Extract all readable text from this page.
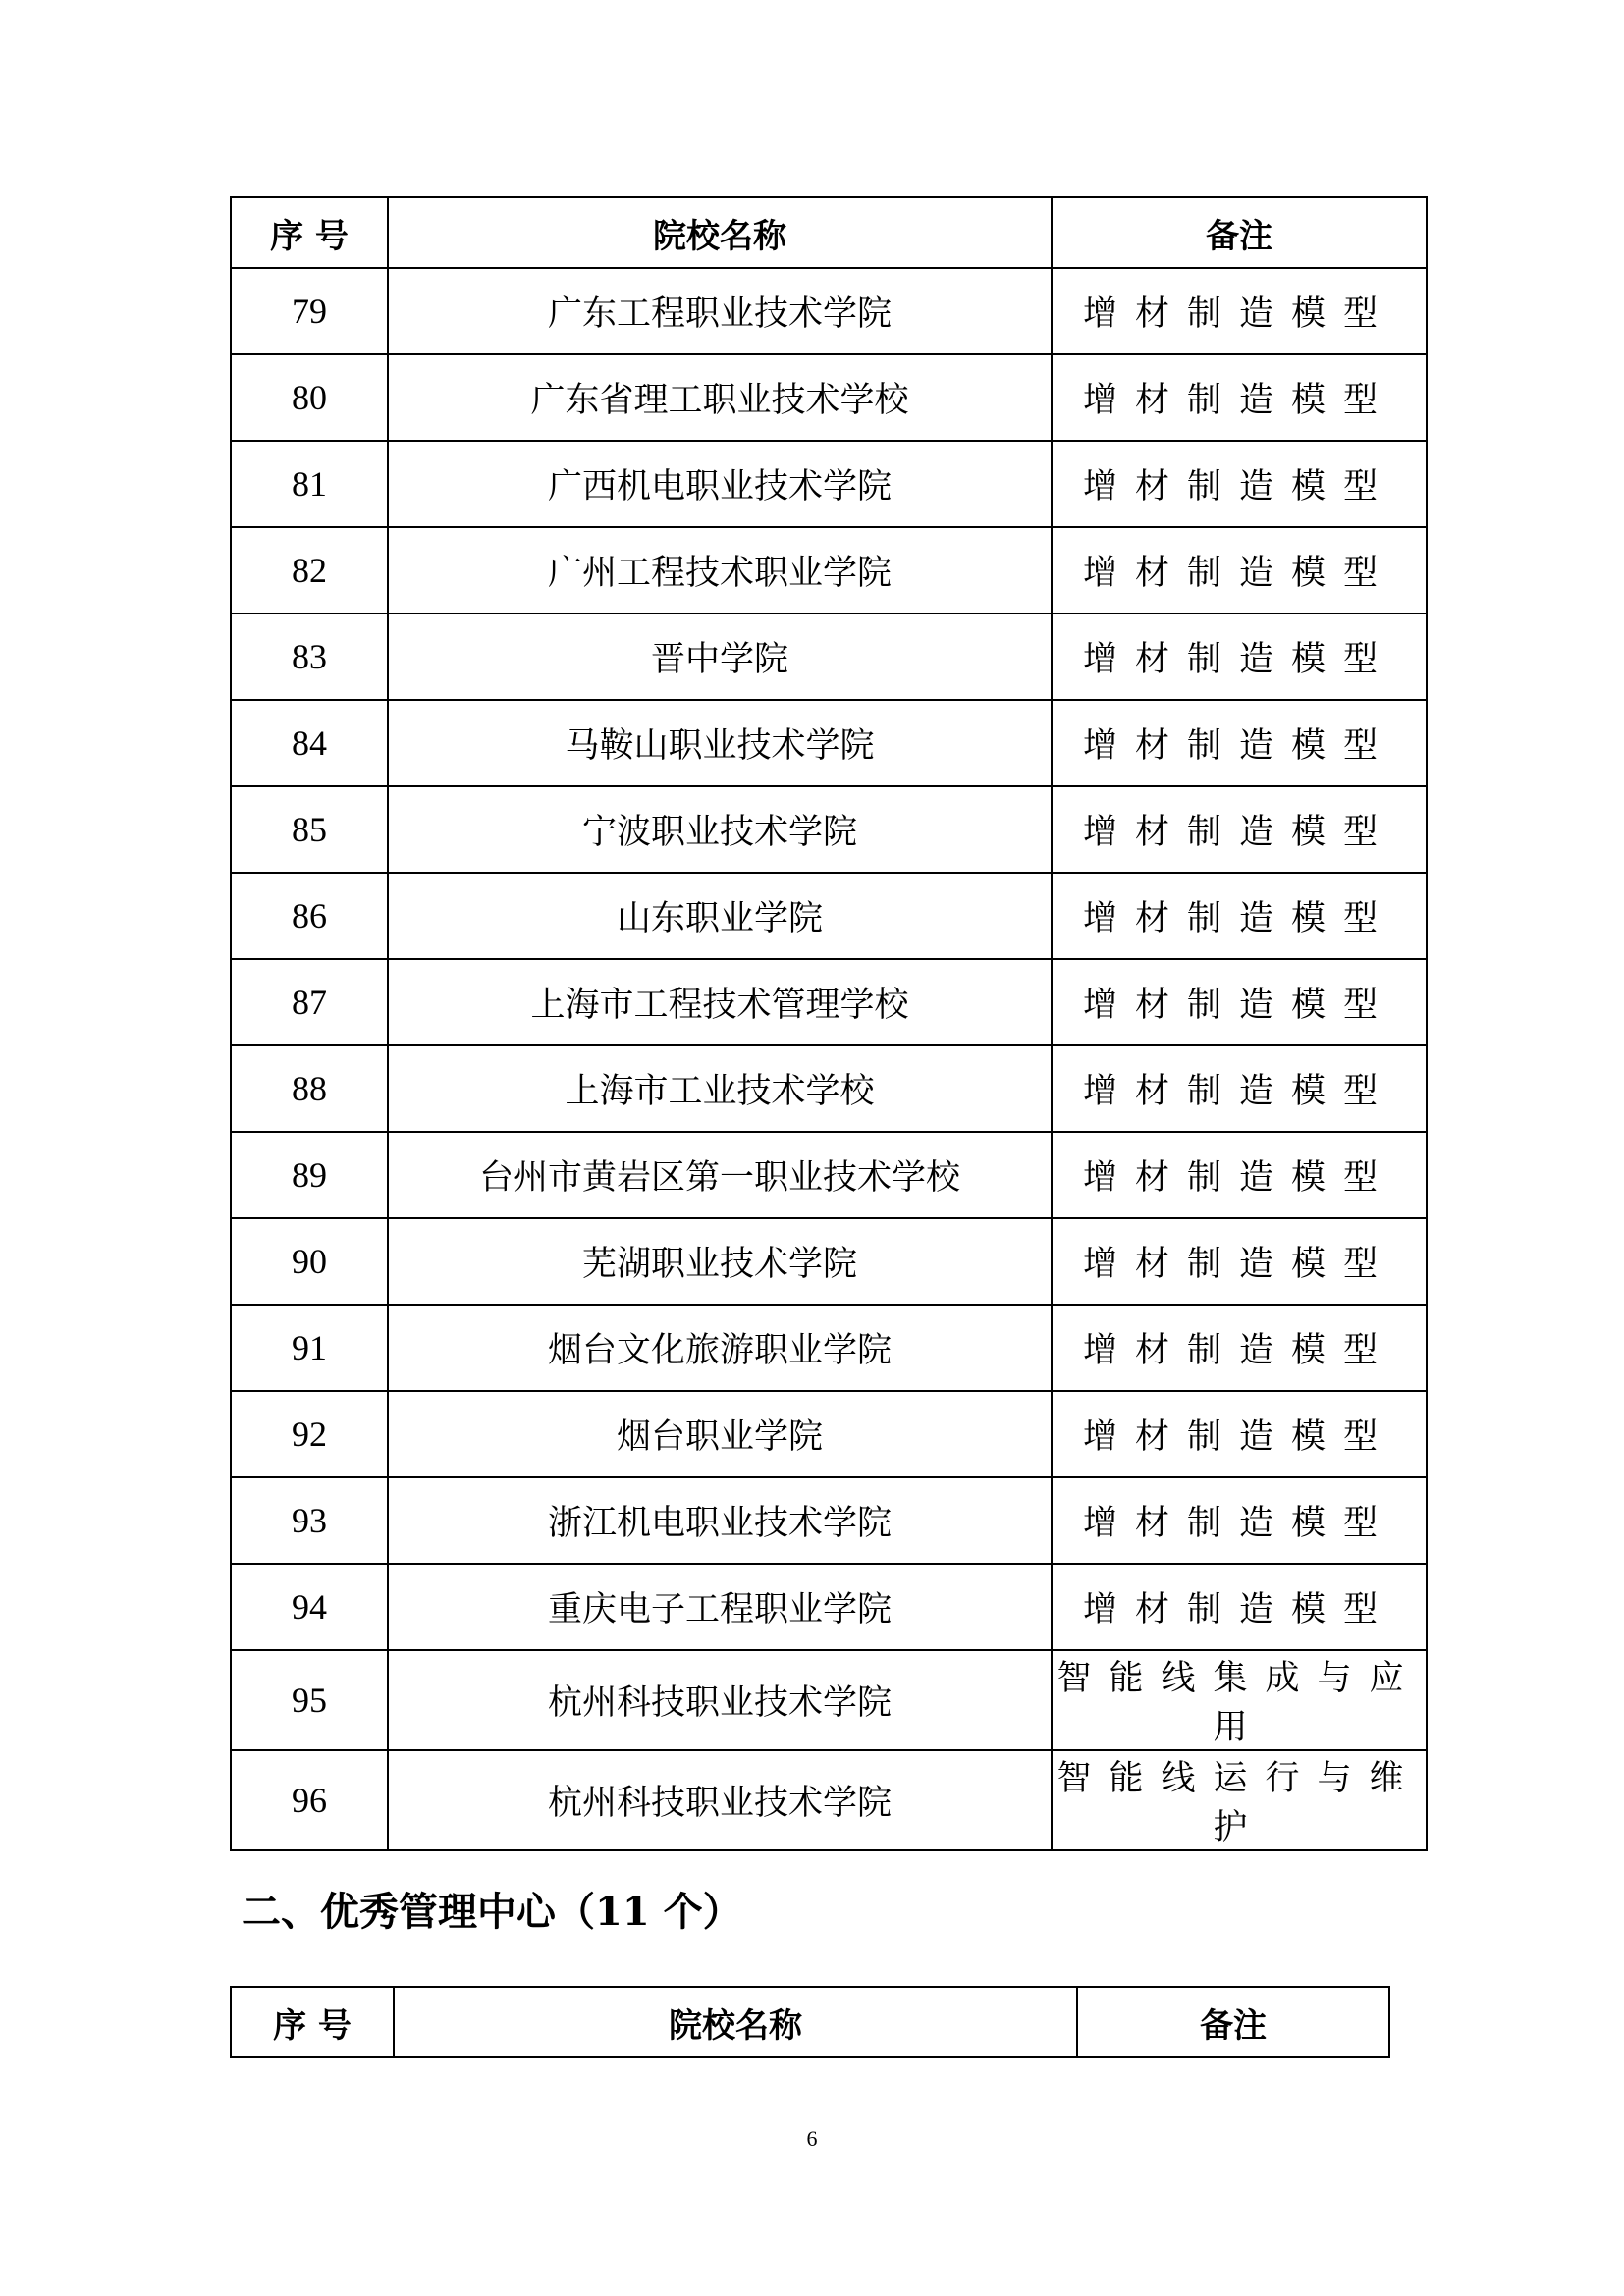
序 号	院校名称	备注
79	广东工程职业技术学院	增材制造模型
80	广东省理工职业技术学校	增材制造模型
81	广西机电职业技术学院	增材制造模型
82	广州工程技术职业学院	增材制造模型
83	晋中学院	增材制造模型
84	马鞍山职业技术学院	增材制造模型
85	宁波职业技术学院	增材制造模型
86	山东职业学院	增材制造模型
87	上海市工程技术管理学校	增材制造模型
88	上海市工业技术学校	增材制造模型
89	台州市黄岩区第一职业技术学校	增材制造模型
90	芜湖职业技术学院	增材制造模型
91	烟台文化旅游职业学院	增材制造模型
92	烟台职业学院	增材制造模型
93	浙江机电职业技术学院	增材制造模型
94	重庆电子工程职业学院	增材制造模型
95	杭州科技职业技术学院	智能线集成与应用
96	杭州科技职业技术学院	智能线运行与维护
二、优秀管理中心（11 个）
序 号	院校名称	备注
6
